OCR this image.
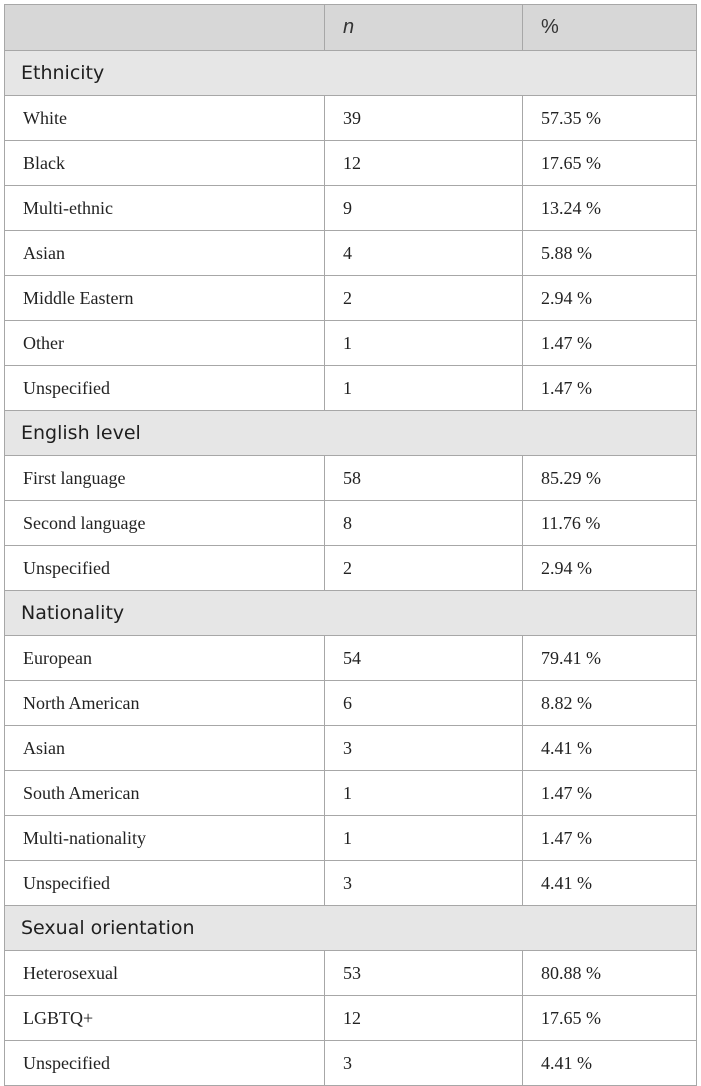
	n	%
Ethnicity		
White	39	57.35 %
Black	12	17.65 %
Multi-ethnic	9	13.24 %
Asian	4	5.88 %
Middle Eastern	2	2.94 %
Other	1	1.47 %
Unspecified	1	1.47 %
English level		
First language	58	85.29 %
Second language	8	11.76 %
Unspecified	2	2.94 %
Nationality		
European	54	79.41 %
North American	6	8.82 %
Asian	3	4.41 %
South American	1	1.47 %
Multi-nationality	1	1.47 %
Unspecified	3	4.41 %
Sexual orientation		
Heterosexual	53	80.88 %
LGBTQ+	12	17.65 %
Unspecified	3	4.41 %
